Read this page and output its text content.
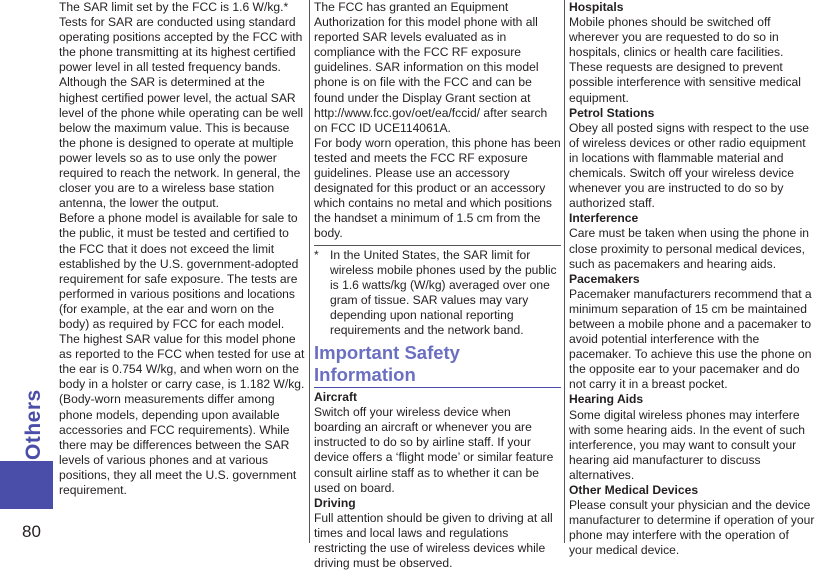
Others
80

The SAR limit set by the FCC is 1.6 W/kg.* Tests for SAR are conducted using standard operating positions accepted by the FCC with the phone transmitting at its highest certified power level in all tested frequency bands. Although the SAR is determined at the highest certified power level, the actual SAR level of the phone while operating can be well below the maximum value. This is because the phone is designed to operate at multiple power levels so as to use only the power required to reach the network. In general, the closer you are to a wireless base station antenna, the lower the output.

Before a phone model is available for sale to the public, it must be tested and certified to the FCC that it does not exceed the limit established by the U.S. government-adopted requirement for safe exposure. The tests are performed in various positions and locations (for example, at the ear and worn on the body) as required by FCC for each model. The highest SAR value for this model phone as reported to the FCC when tested for use at the ear is 0.754 W/kg, and when worn on the body in a holster or carry case, is 1.182 W/kg. (Body-worn measurements differ among phone models, depending upon available accessories and FCC requirements). While there may be differences between the SAR levels of various phones and at various positions, they all meet the U.S. government requirement.

The FCC has granted an Equipment Authorization for this model phone with all reported SAR levels evaluated as in compliance with the FCC RF exposure guidelines. SAR information on this model phone is on file with the FCC and can be found under the Display Grant section at http://www.fcc.gov/oet/ea/fccid/ after search on FCC ID UCE114061A.

For body worn operation, this phone has been tested and meets the FCC RF exposure guidelines. Please use an accessory designated for this product or an accessory which contains no metal and which positions the handset a minimum of 1.5 cm from the body.

* In the United States, the SAR limit for wireless mobile phones used by the public is 1.6 watts/kg (W/kg) averaged over one gram of tissue. SAR values may vary depending upon national reporting requirements and the network band.

Important Safety Information

Aircraft

Switch off your wireless device when boarding an aircraft or whenever you are instructed to do so by airline staff. If your device offers a ‘flight mode’ or similar feature consult airline staff as to whether it can be used on board.

Driving

Full attention should be given to driving at all times and local laws and regulations restricting the use of wireless devices while driving must be observed.

Hospitals

Mobile phones should be switched off wherever you are requested to do so in hospitals, clinics or health care facilities. These requests are designed to prevent possible interference with sensitive medical equipment.

Petrol Stations

Obey all posted signs with respect to the use of wireless devices or other radio equipment in locations with flammable material and chemicals. Switch off your wireless device whenever you are instructed to do so by authorized staff.

Interference

Care must be taken when using the phone in close proximity to personal medical devices, such as pacemakers and hearing aids.

Pacemakers

Pacemaker manufacturers recommend that a minimum separation of 15 cm be maintained between a mobile phone and a pacemaker to avoid potential interference with the pacemaker. To achieve this use the phone on the opposite ear to your pacemaker and do not carry it in a breast pocket.

Hearing Aids

Some digital wireless phones may interfere with some hearing aids. In the event of such interference, you may want to consult your hearing aid manufacturer to discuss alternatives.

Other Medical Devices

Please consult your physician and the device manufacturer to determine if operation of your phone may interfere with the operation of your medical device.
